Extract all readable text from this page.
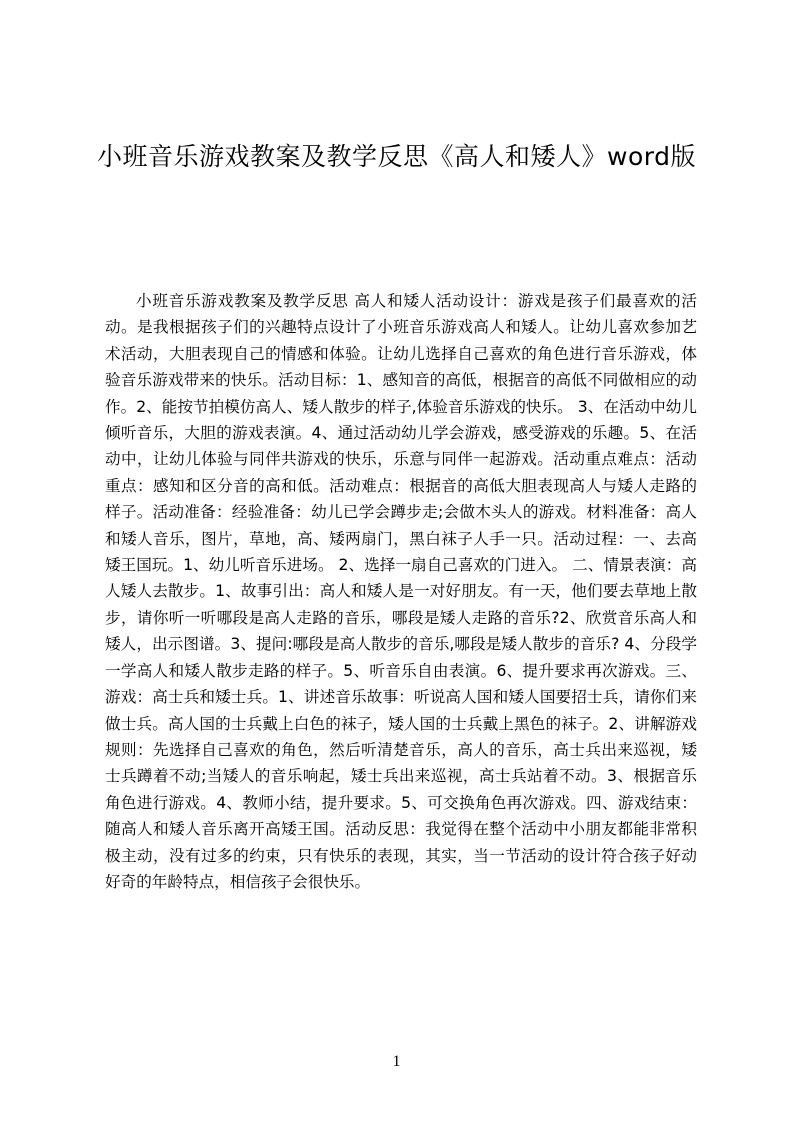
小班音乐游戏教案及教学反思《高人和矮人》word版
小班音乐游戏教案及教学反思 高人和矮人活动设计：游戏是孩子们最喜欢的活动。是我根据孩子们的兴趣特点设计了小班音乐游戏高人和矮人。让幼儿喜欢参加艺术活动，大胆表现自己的情感和体验。让幼儿选择自己喜欢的角色进行音乐游戏，体验音乐游戏带来的快乐。活动目标：1、感知音的高低，根据音的高低不同做相应的动作。2、能按节拍模仿高人、矮人散步的样子,体验音乐游戏的快乐。 3、在活动中幼儿倾听音乐，大胆的游戏表演。4、通过活动幼儿学会游戏，感受游戏的乐趣。5、在活动中，让幼儿体验与同伴共游戏的快乐，乐意与同伴一起游戏。活动重点难点：活动重点：感知和区分音的高和低。活动难点：根据音的高低大胆表现高人与矮人走路的样子。活动准备：经验准备：幼儿已学会蹲步走;会做木头人的游戏。材料准备：高人和矮人音乐，图片，草地，高、矮两扇门，黑白袜子人手一只。活动过程：一、去高矮王国玩。1、幼儿听音乐进场。 2、选择一扇自己喜欢的门进入。 二、情景表演：高人矮人去散步。1、故事引出：高人和矮人是一对好朋友。有一天，他们要去草地上散步，请你听一听哪段是高人走路的音乐，哪段是矮人走路的音乐?2、欣赏音乐高人和矮人，出示图谱。3、提问:哪段是高人散步的音乐,哪段是矮人散步的音乐? 4、分段学一学高人和矮人散步走路的样子。5、听音乐自由表演。6、提升要求再次游戏。三、游戏：高士兵和矮士兵。1、讲述音乐故事：听说高人国和矮人国要招士兵，请你们来做士兵。高人国的士兵戴上白色的袜子，矮人国的士兵戴上黑色的袜子。2、讲解游戏规则：先选择自己喜欢的角色，然后听清楚音乐，高人的音乐，高士兵出来巡视，矮士兵蹲着不动;当矮人的音乐响起，矮士兵出来巡视，高士兵站着不动。3、根据音乐角色进行游戏。4、教师小结，提升要求。5、可交换角色再次游戏。四、游戏结束：随高人和矮人音乐离开高矮王国。活动反思：我觉得在整个活动中小朋友都能非常积极主动，没有过多的约束，只有快乐的表现，其实，当一节活动的设计符合孩子好动好奇的年龄特点，相信孩子会很快乐。
1
